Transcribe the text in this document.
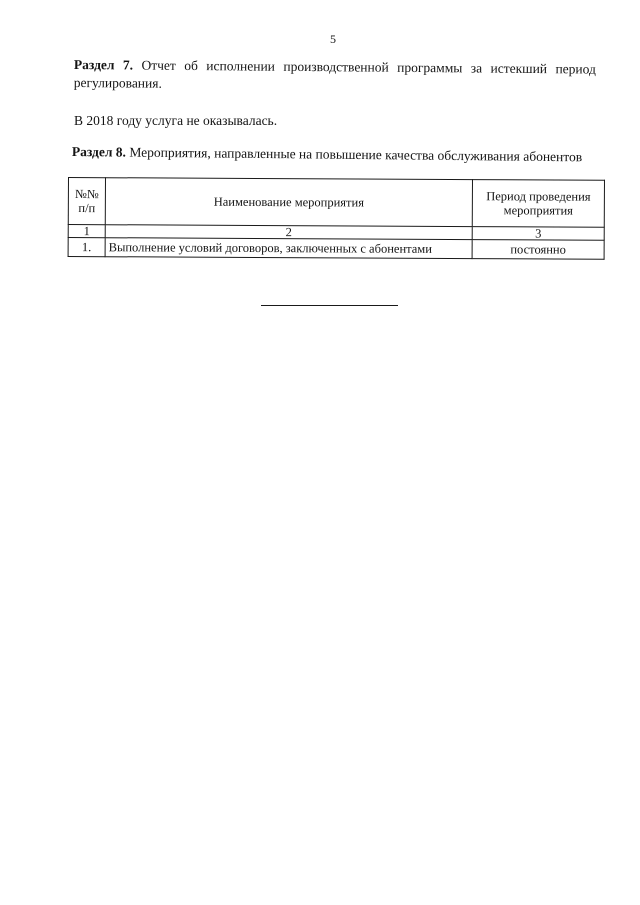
5

Раздел 7. Отчет об исполнении производственной программы за истекший период регулирования.

В 2018 году услуга не оказывалась.

Раздел 8. Мероприятия, направленные на повышение качества обслуживания абонентов

№№ п/п	Наименование мероприятия	Период проведения мероприятия
1	2	3
1.	Выполнение условий договоров, заключенных с абонентами	постоянно
